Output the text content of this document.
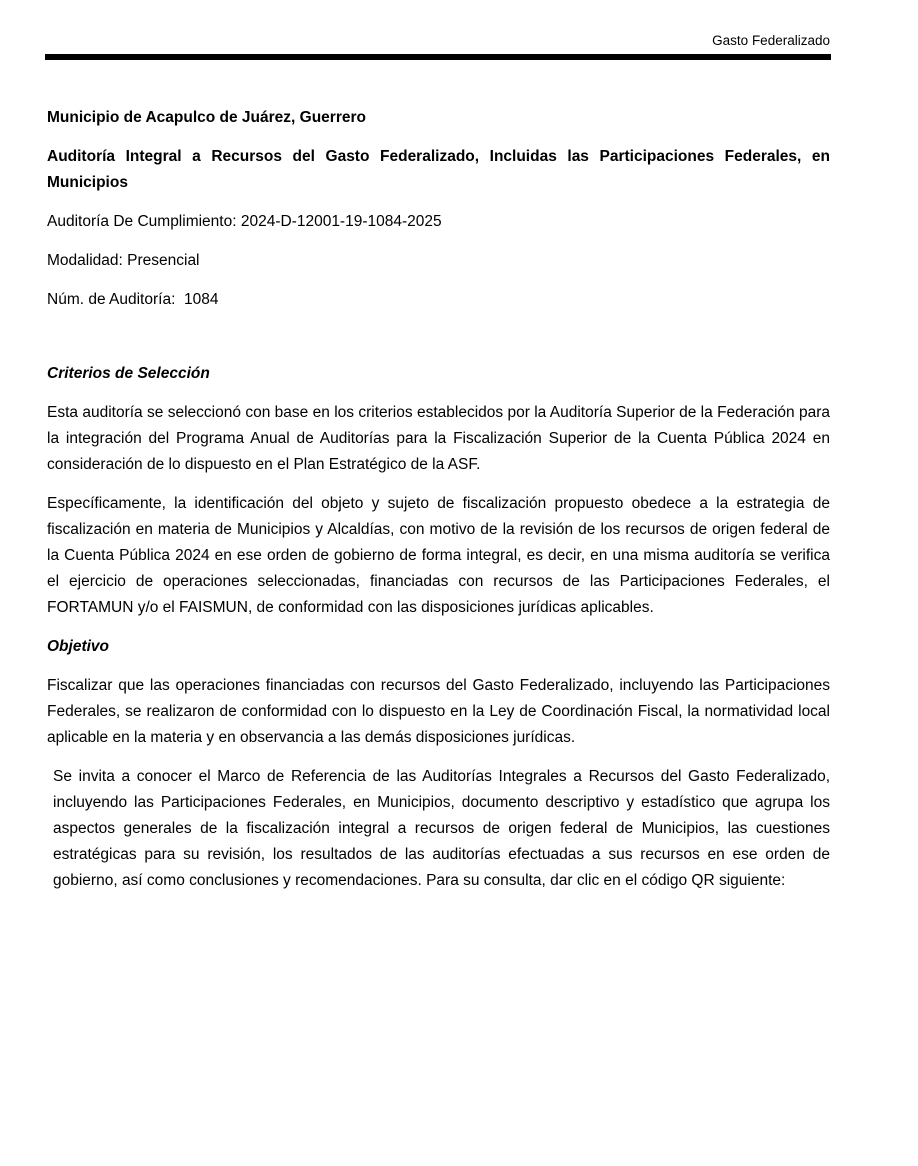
Gasto Federalizado

Municipio de Acapulco de Juárez, Guerrero

Auditoría Integral a Recursos del Gasto Federalizado, Incluidas las Participaciones Federales, en Municipios

Auditoría De Cumplimiento: 2024-D-12001-19-1084-2025

Modalidad: Presencial

Núm. de Auditoría:  1084

Criterios de Selección

Esta auditoría se seleccionó con base en los criterios establecidos por la Auditoría Superior de la Federación para la integración del Programa Anual de Auditorías para la Fiscalización Superior de la Cuenta Pública 2024 en consideración de lo dispuesto en el Plan Estratégico de la ASF.

Específicamente, la identificación del objeto y sujeto de fiscalización propuesto obedece a la estrategia de fiscalización en materia de Municipios y Alcaldías, con motivo de la revisión de los recursos de origen federal de la Cuenta Pública 2024 en ese orden de gobierno de forma integral, es decir, en una misma auditoría se verifica el ejercicio de operaciones seleccionadas, financiadas con recursos de las Participaciones Federales, el FORTAMUN y/o el FAISMUN, de conformidad con las disposiciones jurídicas aplicables.

Objetivo

Fiscalizar que las operaciones financiadas con recursos del Gasto Federalizado, incluyendo las Participaciones Federales, se realizaron de conformidad con lo dispuesto en la Ley de Coordinación Fiscal, la normatividad local aplicable en la materia y en observancia a las demás disposiciones jurídicas.

Se invita a conocer el Marco de Referencia de las Auditorías Integrales a Recursos del Gasto Federalizado, incluyendo las Participaciones Federales, en Municipios, documento descriptivo y estadístico que agrupa los aspectos generales de la fiscalización integral a recursos de origen federal de Municipios, las cuestiones estratégicas para su revisión, los resultados de las auditorías efectuadas a sus recursos en ese orden de gobierno, así como conclusiones y recomendaciones. Para su consulta, dar clic en el código QR siguiente:
